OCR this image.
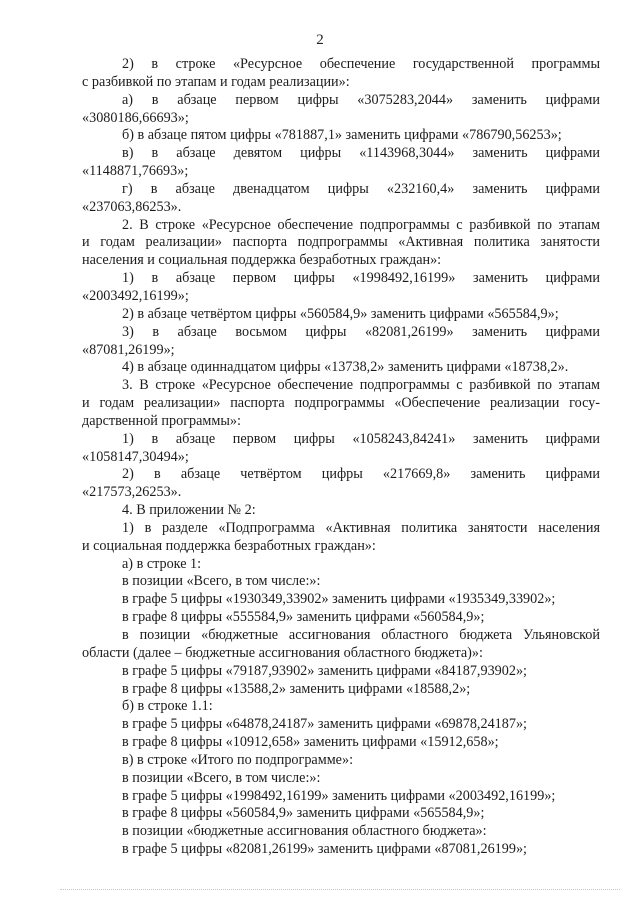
2

2) в строке «Ресурсное обеспечение государственной программы

с разбивкой по этапам и годам реализации»:

а) в абзаце первом цифры «3075283,2044» заменить цифрами

«3080186,66693»;

б) в абзаце пятом цифры «781887,1» заменить цифрами «786790,56253»;

в) в абзаце девятом цифры «1143968,3044» заменить цифрами

«1148871,76693»;

г) в абзаце двенадцатом цифры «232160,4» заменить цифрами

«237063,86253».

2. В строке «Ресурсное обеспечение подпрограммы с разбивкой по этапам

и годам реализации» паспорта подпрограммы «Активная политика занятости

населения и социальная поддержка безработных граждан»:

1) в абзаце первом цифры «1998492,16199» заменить цифрами

«2003492,16199»;

2) в абзаце четвёртом цифры «560584,9» заменить цифрами «565584,9»;

3) в абзаце восьмом цифры «82081,26199» заменить цифрами

«87081,26199»;

4) в абзаце одиннадцатом цифры «13738,2» заменить цифрами «18738,2».

3. В строке «Ресурсное обеспечение подпрограммы с разбивкой по этапам

и годам реализации» паспорта подпрограммы «Обеспечение реализации госу-

дарственной программы»:

1) в абзаце первом цифры «1058243,84241» заменить цифрами

«1058147,30494»;

2) в абзаце четвёртом цифры «217669,8» заменить цифрами

«217573,26253».

4. В приложении № 2:

1) в разделе «Подпрограмма «Активная политика занятости населения

и социальная поддержка безработных граждан»:

а) в строке 1:

в позиции «Всего, в том числе:»:

в графе 5 цифры «1930349,33902» заменить цифрами «1935349,33902»;

в графе 8 цифры «555584,9» заменить цифрами «560584,9»;

в позиции «бюджетные ассигнования областного бюджета Ульяновской

области (далее – бюджетные ассигнования областного бюджета)»:

в графе 5 цифры «79187,93902» заменить цифрами «84187,93902»;

в графе 8 цифры «13588,2» заменить цифрами «18588,2»;

б) в строке 1.1:

в графе 5 цифры «64878,24187» заменить цифрами «69878,24187»;

в графе 8 цифры «10912,658» заменить цифрами «15912,658»;

в) в строке «Итого по подпрограмме»:

в позиции «Всего, в том числе:»:

в графе 5 цифры «1998492,16199» заменить цифрами «2003492,16199»;

в графе 8 цифры «560584,9» заменить цифрами «565584,9»;

в позиции «бюджетные ассигнования областного бюджета»:

в графе 5 цифры «82081,26199» заменить цифрами «87081,26199»;
